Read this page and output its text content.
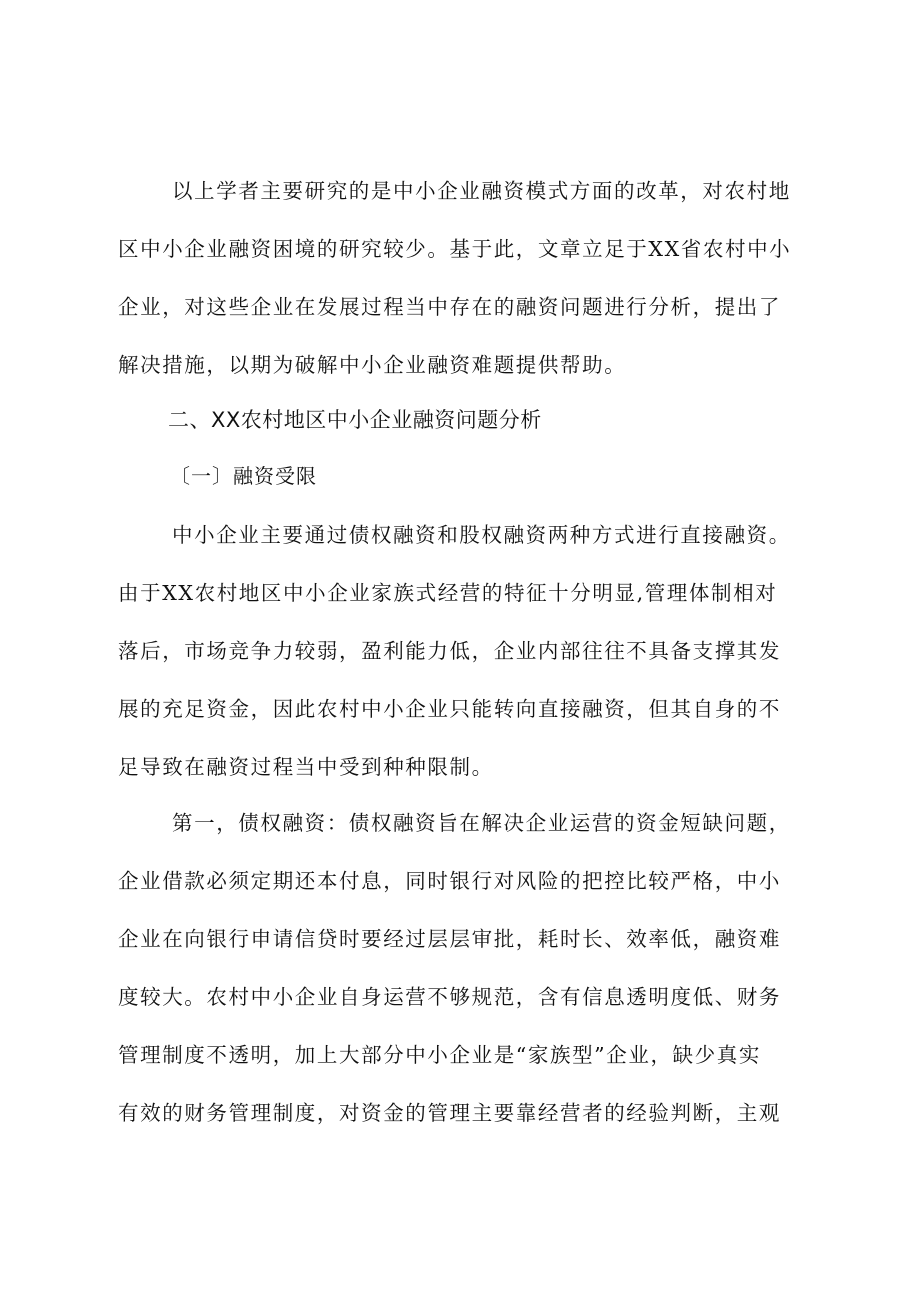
以上学者主要研究的是中小企业融资模式方面的改革，对农村地
区中小企业融资困境的研究较少。基于此，文章立足于XX省农村中小
企业，对这些企业在发展过程当中存在的融资问题进行分析，提出了
解决措施，以期为破解中小企业融资难题提供帮助。
二、XX农村地区中小企业融资问题分析
〔一〕融资受限
中小企业主要通过债权融资和股权融资两种方式进行直接融资。
由于XX农村地区中小企业家族式经营的特征十分明显,管理体制相对
落后，市场竞争力较弱，盈利能力低，企业内部往往不具备支撑其发
展的充足资金，因此农村中小企业只能转向直接融资，但其自身的不
足导致在融资过程当中受到种种限制。
第一，债权融资：债权融资旨在解决企业运营的资金短缺问题，
企业借款必须定期还本付息，同时银行对风险的把控比较严格，中小
企业在向银行申请信贷时要经过层层审批，耗时长、效率低，融资难
度较大。农村中小企业自身运营不够规范，含有信息透明度低、财务
管理制度不透明，加上大部分中小企业是“家族型”企业，缺少真实
有效的财务管理制度，对资金的管理主要靠经营者的经验判断，主观
